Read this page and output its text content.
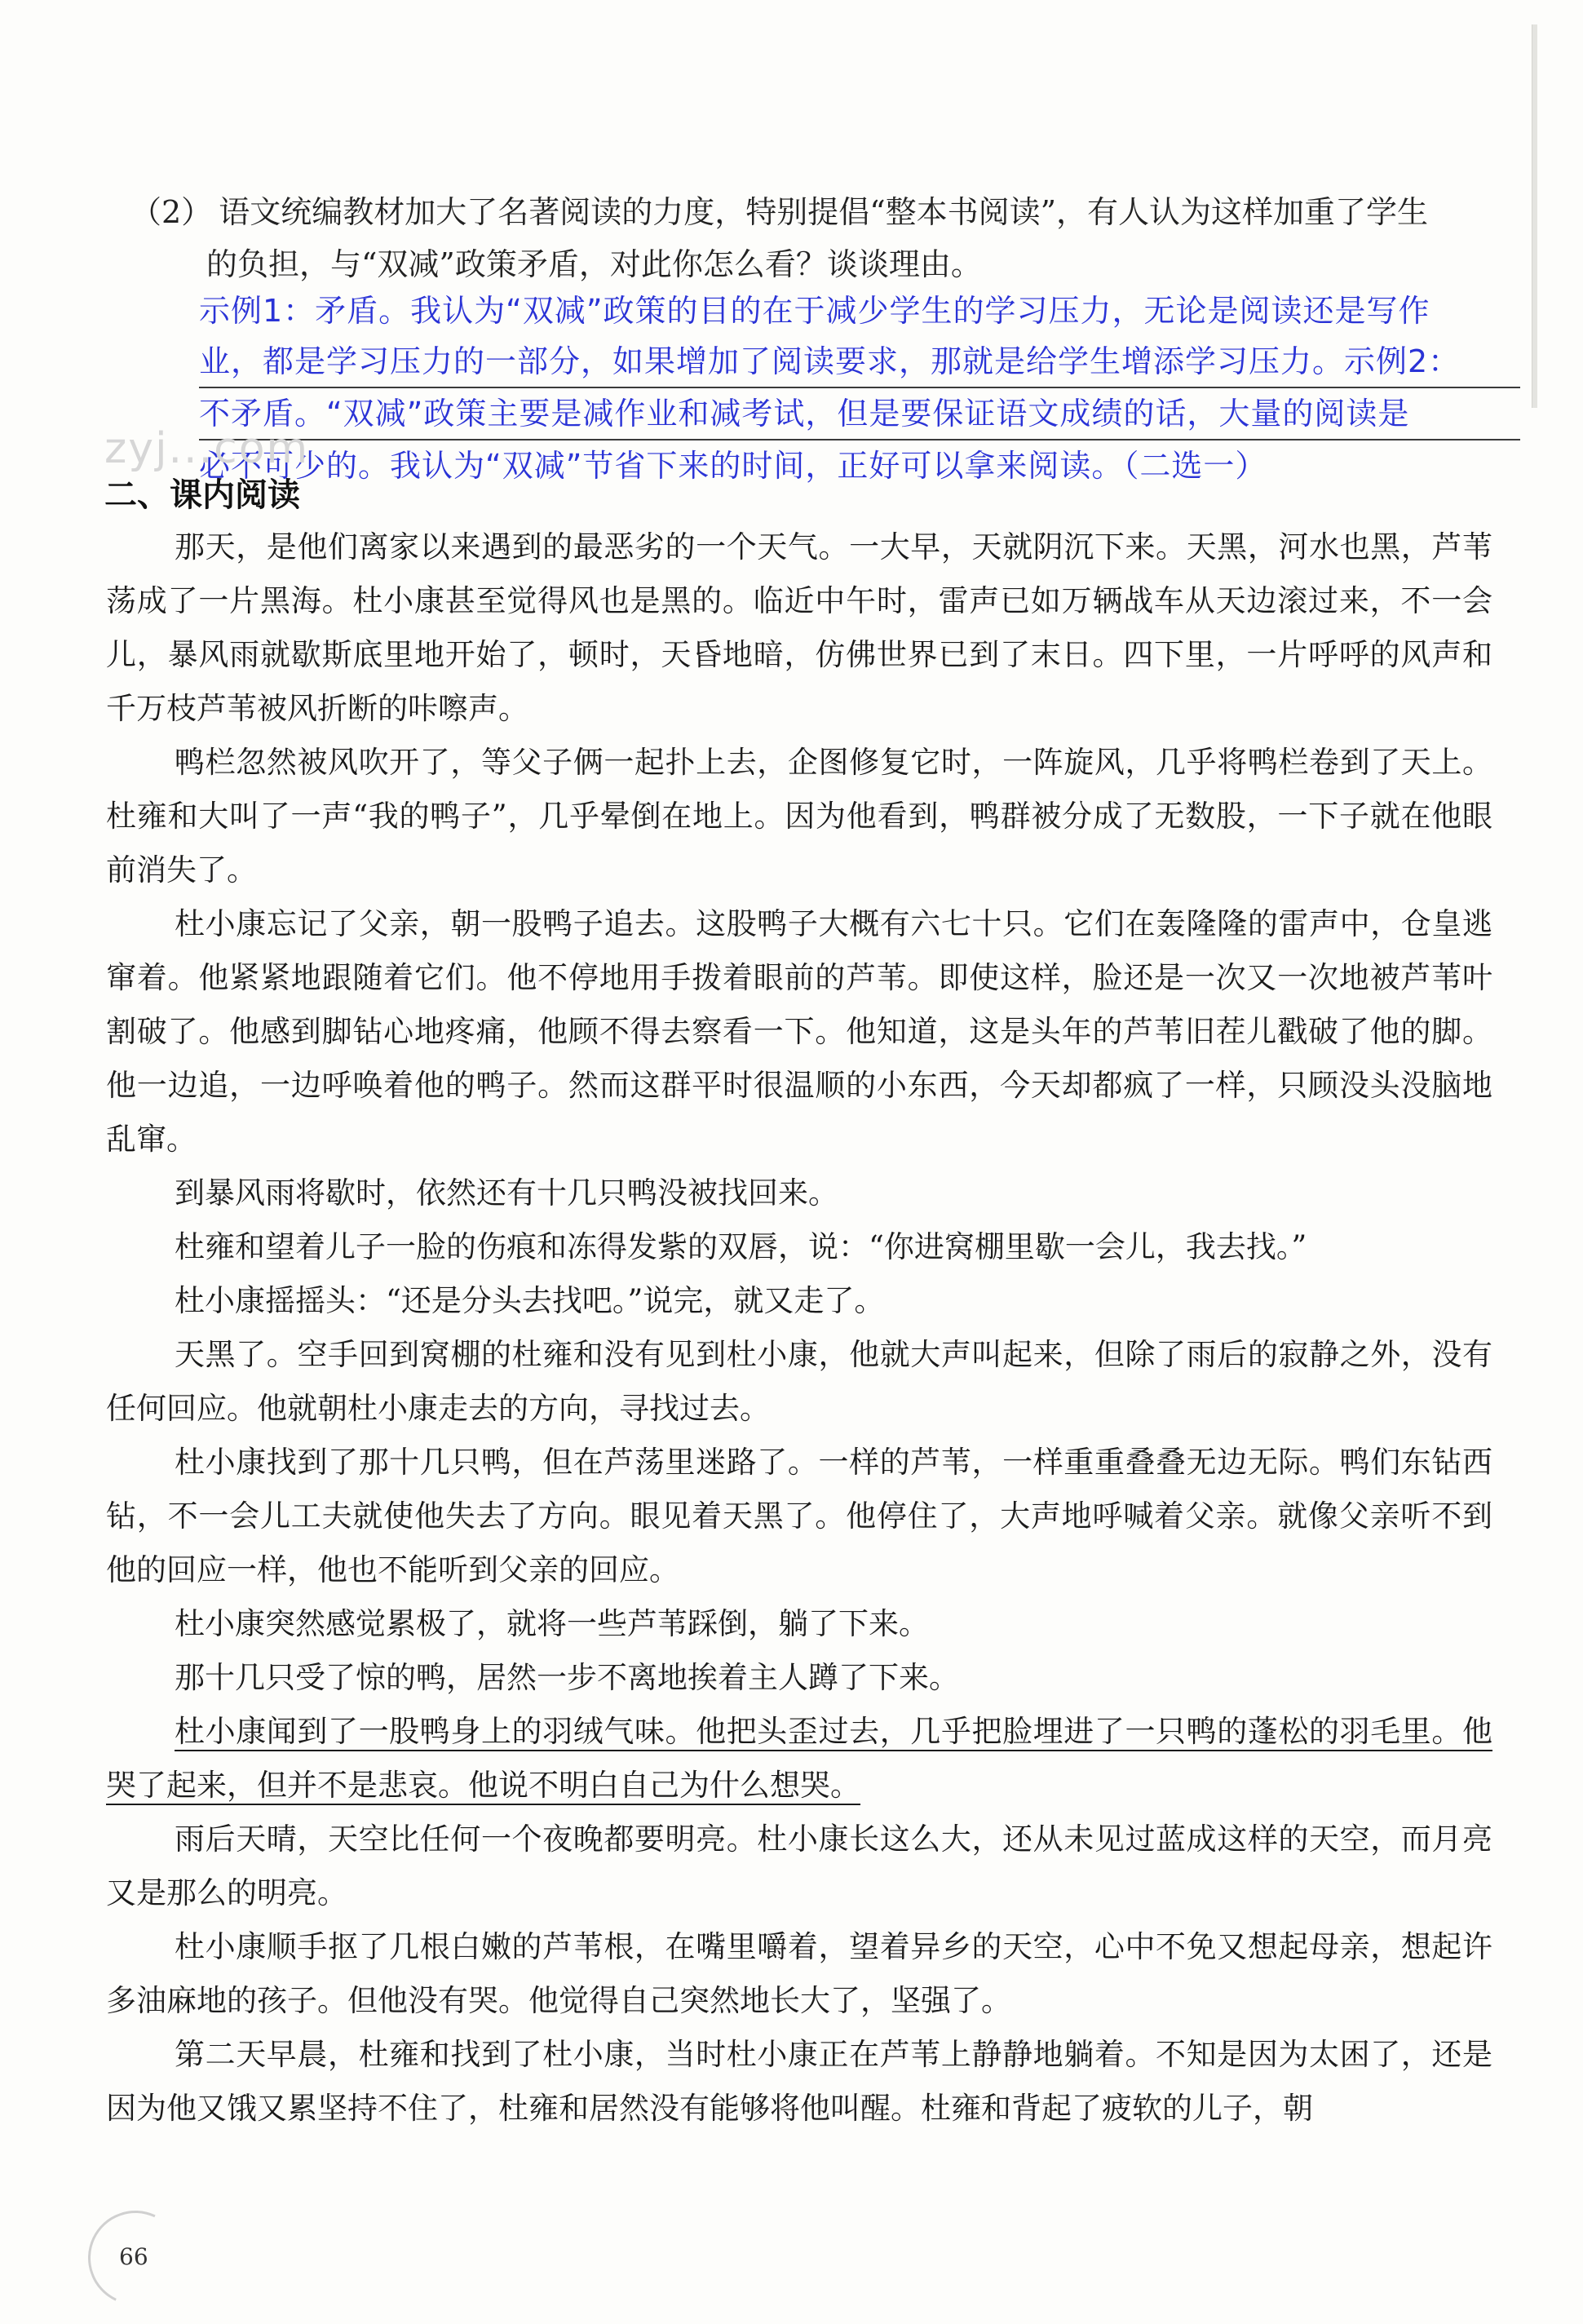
（2） 语文统编教材加大了名著阅读的力度，特别提倡“整本书阅读”，有人认为这样加重了学生
的负担，与“双减”政策矛盾，对此你怎么看？谈谈理由。
示例1：矛盾。我认为“双减”政策的目的在于减少学生的学习压力，无论是阅读还是写作
业，都是学习压力的一部分，如果增加了阅读要求，那就是给学生增添学习压力。示例2：
不矛盾。“双减”政策主要是减作业和减考试，但是要保证语文成绩的话，大量的阅读是
必不可少的。我认为“双减”节省下来的时间，正好可以拿来阅读。（二选一）
zyj...com
二、课内阅读

那天，是他们离家以来遇到的最恶劣的一个天气。一大早，天就阴沉下来。天黑，河水也黑，芦苇荡成了一片黑海。杜小康甚至觉得风也是黑的。临近中午时，雷声已如万辆战车从天边滚过来，不一会儿，暴风雨就歇斯底里地开始了，顿时，天昏地暗，仿佛世界已到了末日。四下里，一片呼呼的风声和千万枝芦苇被风折断的咔嚓声。

鸭栏忽然被风吹开了，等父子俩一起扑上去，企图修复它时，一阵旋风，几乎将鸭栏卷到了天上。杜雍和大叫了一声“我的鸭子”，几乎晕倒在地上。因为他看到，鸭群被分成了无数股，一下子就在他眼前消失了。

杜小康忘记了父亲，朝一股鸭子追去。这股鸭子大概有六七十只。它们在轰隆隆的雷声中，仓皇逃窜着。他紧紧地跟随着它们。他不停地用手拨着眼前的芦苇。即使这样，脸还是一次又一次地被芦苇叶割破了。他感到脚钻心地疼痛，他顾不得去察看一下。他知道，这是头年的芦苇旧茬儿戳破了他的脚。他一边追，一边呼唤着他的鸭子。然而这群平时很温顺的小东西，今天却都疯了一样，只顾没头没脑地乱窜。

到暴风雨将歇时，依然还有十几只鸭没被找回来。

杜雍和望着儿子一脸的伤痕和冻得发紫的双唇，说：“你进窝棚里歇一会儿，我去找。”

杜小康摇摇头：“还是分头去找吧。”说完，就又走了。

天黑了。空手回到窝棚的杜雍和没有见到杜小康，他就大声叫起来，但除了雨后的寂静之外，没有任何回应。他就朝杜小康走去的方向，寻找过去。

杜小康找到了那十几只鸭，但在芦荡里迷路了。一样的芦苇，一样重重叠叠无边无际。鸭们东钻西钻，不一会儿工夫就使他失去了方向。眼见着天黑了。他停住了，大声地呼喊着父亲。就像父亲听不到他的回应一样，他也不能听到父亲的回应。

杜小康突然感觉累极了，就将一些芦苇踩倒，躺了下来。

那十几只受了惊的鸭，居然一步不离地挨着主人蹲了下来。

杜小康闻到了一股鸭身上的羽绒气味。他把头歪过去，几乎把脸埋进了一只鸭的蓬松的羽毛里。他哭了起来，但并不是悲哀。他说不明白自己为什么想哭。

雨后天晴，天空比任何一个夜晚都要明亮。杜小康长这么大，还从未见过蓝成这样的天空，而月亮又是那么的明亮。

杜小康顺手抠了几根白嫩的芦苇根，在嘴里嚼着，望着异乡的天空，心中不免又想起母亲，想起许多油麻地的孩子。但他没有哭。他觉得自己突然地长大了，坚强了。

第二天早晨，杜雍和找到了杜小康，当时杜小康正在芦苇上静静地躺着。不知是因为太困了，还是因为他又饿又累坚持不住了，杜雍和居然没有能够将他叫醒。杜雍和背起了疲软的儿子，朝

66
